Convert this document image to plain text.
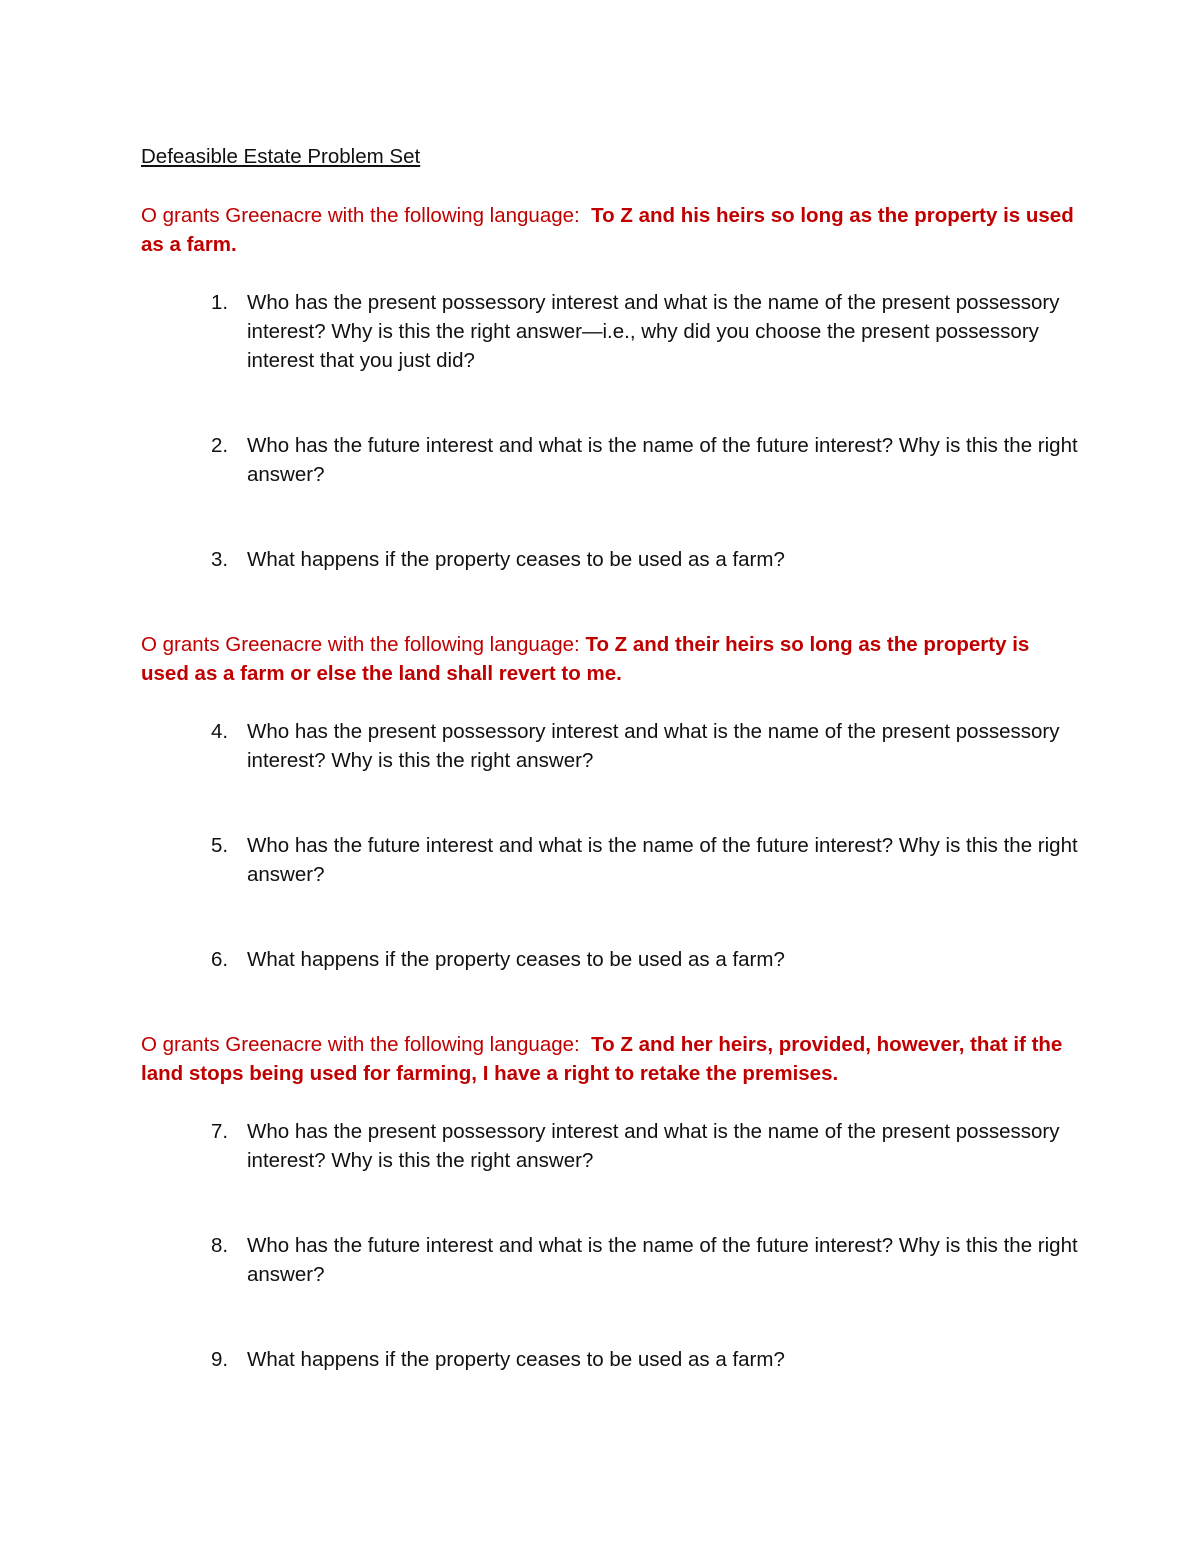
Defeasible Estate Problem Set
O grants Greenacre with the following language: To Z and his heirs so long as the property is used as a farm.
1. Who has the present possessory interest and what is the name of the present possessory interest? Why is this the right answer—i.e., why did you choose the present possessory interest that you just did?
2. Who has the future interest and what is the name of the future interest? Why is this the right answer?
3. What happens if the property ceases to be used as a farm?
O grants Greenacre with the following language: To Z and their heirs so long as the property is used as a farm or else the land shall revert to me.
4. Who has the present possessory interest and what is the name of the present possessory interest? Why is this the right answer?
5. Who has the future interest and what is the name of the future interest? Why is this the right answer?
6. What happens if the property ceases to be used as a farm?
O grants Greenacre with the following language: To Z and her heirs, provided, however, that if the land stops being used for farming, I have a right to retake the premises.
7. Who has the present possessory interest and what is the name of the present possessory interest? Why is this the right answer?
8. Who has the future interest and what is the name of the future interest? Why is this the right answer?
9. What happens if the property ceases to be used as a farm?
